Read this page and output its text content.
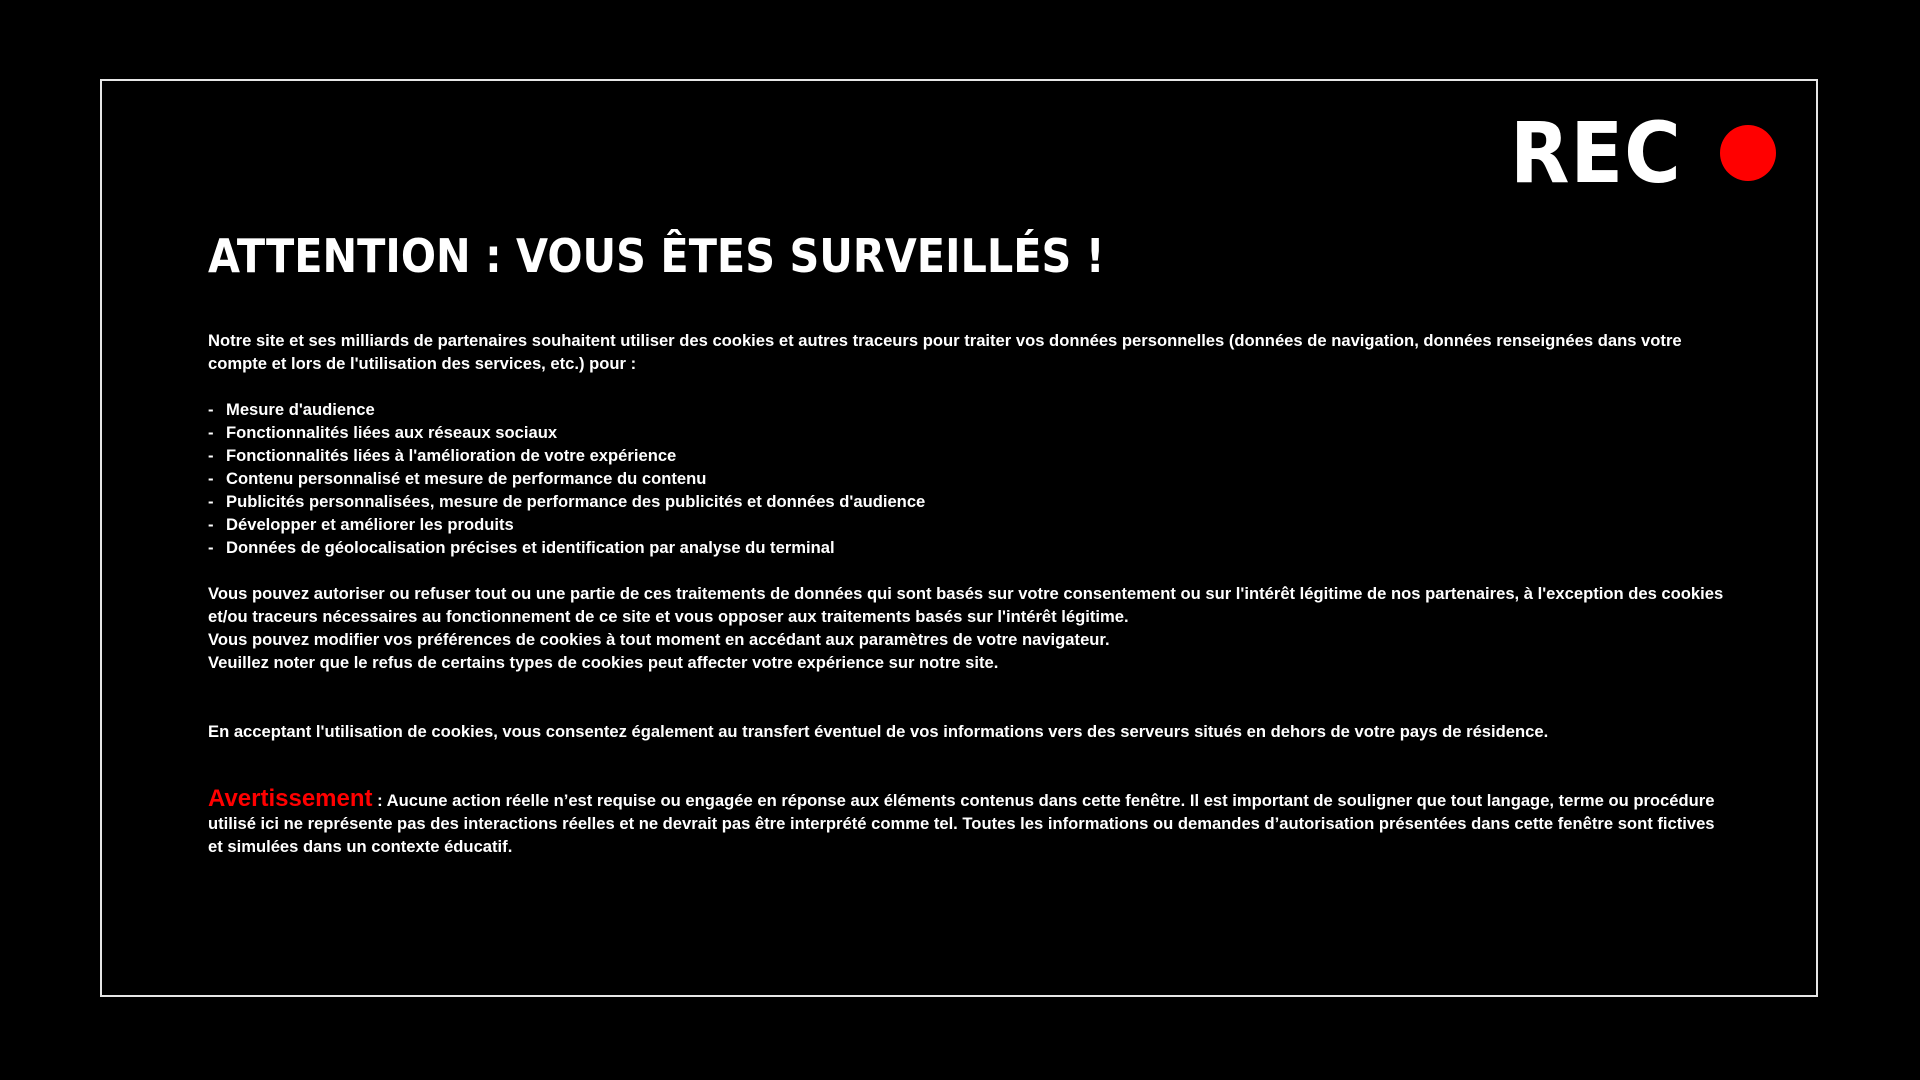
REC
ATTENTION : VOUS ÊTES SURVEILLÉS !

Notre site et ses milliards de partenaires souhaitent utiliser des cookies et autres traceurs pour traiter vos données personnelles (données de navigation, données renseignées dans votre compte et lors de l'utilisation des services, etc.) pour :

- Mesure d'audience
- Fonctionnalités liées aux réseaux sociaux
- Fonctionnalités liées à l'amélioration de votre expérience
- Contenu personnalisé et mesure de performance du contenu
- Publicités personnalisées, mesure de performance des publicités et données d'audience
- Développer et améliorer les produits
- Données de géolocalisation précises et identification par analyse du terminal

Vous pouvez autoriser ou refuser tout ou une partie de ces traitements de données qui sont basés sur votre consentement ou sur l'intérêt légitime de nos partenaires, à l'exception des cookies et/ou traceurs nécessaires au fonctionnement de ce site et vous opposer aux traitements basés sur l'intérêt légitime.

Vous pouvez modifier vos préférences de cookies à tout moment en accédant aux paramètres de votre navigateur.

Veuillez noter que le refus de certains types de cookies peut affecter votre expérience sur notre site.

En acceptant l'utilisation de cookies, vous consentez également au transfert éventuel de vos informations vers des serveurs situés en dehors de votre pays de résidence.

Avertissement : Aucune action réelle n’est requise ou engagée en réponse aux éléments contenus dans cette fenêtre. Il est important de souligner que tout langage, terme ou procédure utilisé ici ne représente pas des interactions réelles et ne devrait pas être interprété comme tel. Toutes les informations ou demandes d’autorisation présentées dans cette fenêtre sont fictives et simulées dans un contexte éducatif.
